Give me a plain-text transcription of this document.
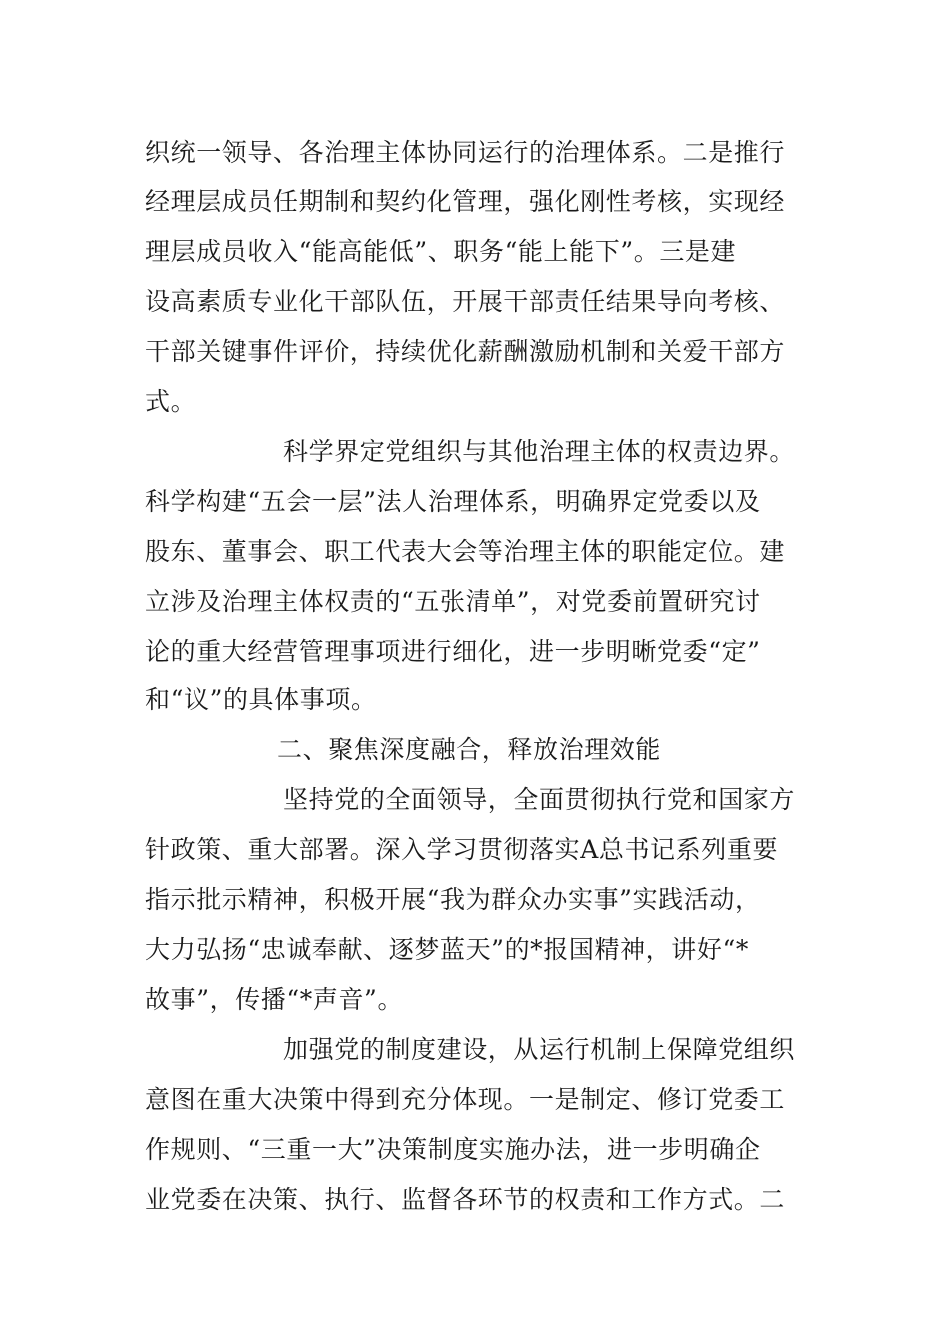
织统一领导、各治理主体协同运行的治理体系。二是推行
经理层成员任期制和契约化管理，强化刚性考核，实现经
理层成员收入“能高能低”、职务“能上能下”。三是建
设高素质专业化干部队伍，开展干部责任结果导向考核、
干部关键事件评价，持续优化薪酬激励机制和关爱干部方
式。
科学界定党组织与其他治理主体的权责边界。
科学构建“五会一层”法人治理体系，明确界定党委以及
股东、董事会、职工代表大会等治理主体的职能定位。建
立涉及治理主体权责的“五张清单”，对党委前置研究讨
论的重大经营管理事项进行细化，进一步明晰党委“定”
和“议”的具体事项。
二、聚焦深度融合，释放治理效能
坚持党的全面领导，全面贯彻执行党和国家方
针政策、重大部署。深入学习贯彻落实A总书记系列重要
指示批示精神，积极开展“我为群众办实事”实践活动，
大力弘扬“忠诚奉献、逐梦蓝天”的*报国精神，讲好“*
故事”，传播“*声音”。
加强党的制度建设，从运行机制上保障党组织
意图在重大决策中得到充分体现。一是制定、修订党委工
作规则、“三重一大”决策制度实施办法，进一步明确企
业党委在决策、执行、监督各环节的权责和工作方式。二
